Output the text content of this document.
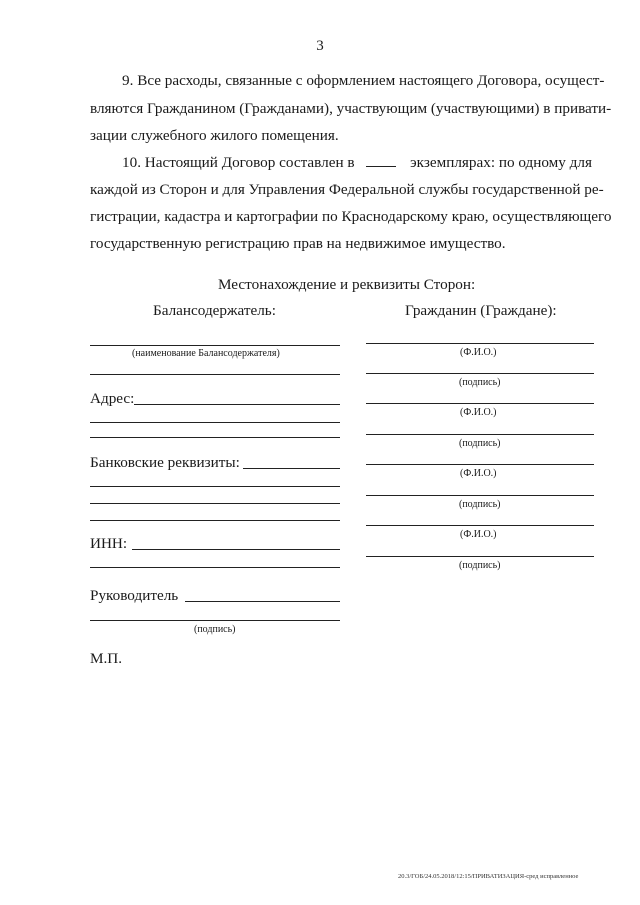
3
9. Все расходы, связанные с оформлением настоящего Договора, осущест-
вляются Гражданином (Гражданами), участвующим (участвующими) в привати-
зации служебного жилого помещения.
10. Настоящий Договор составлен в	экземплярах: по одному для
каждой из Сторон и для Управления Федеральной службы государственной ре-
гистрации, кадастра и картографии по Краснодарскому краю, осуществляющего
государственную регистрацию прав на недвижимое имущество.
Местонахождение и реквизиты Сторон:
Балансодержатель:	Гражданин (Граждане):
(наименование Балансодержателя)
Адрес:
Банковские реквизиты:
ИНН:
Руководитель
(подпись)
М.П.
(Ф.И.О.)
(подпись)
(Ф.И.О.)
(подпись)
(Ф.И.О.)
(подпись)
(Ф.И.О.)
(подпись)
20.3/ГОБ/24.05.2018/12:15/ПРИВАТИЗАЦИЯ-сред исправленное
